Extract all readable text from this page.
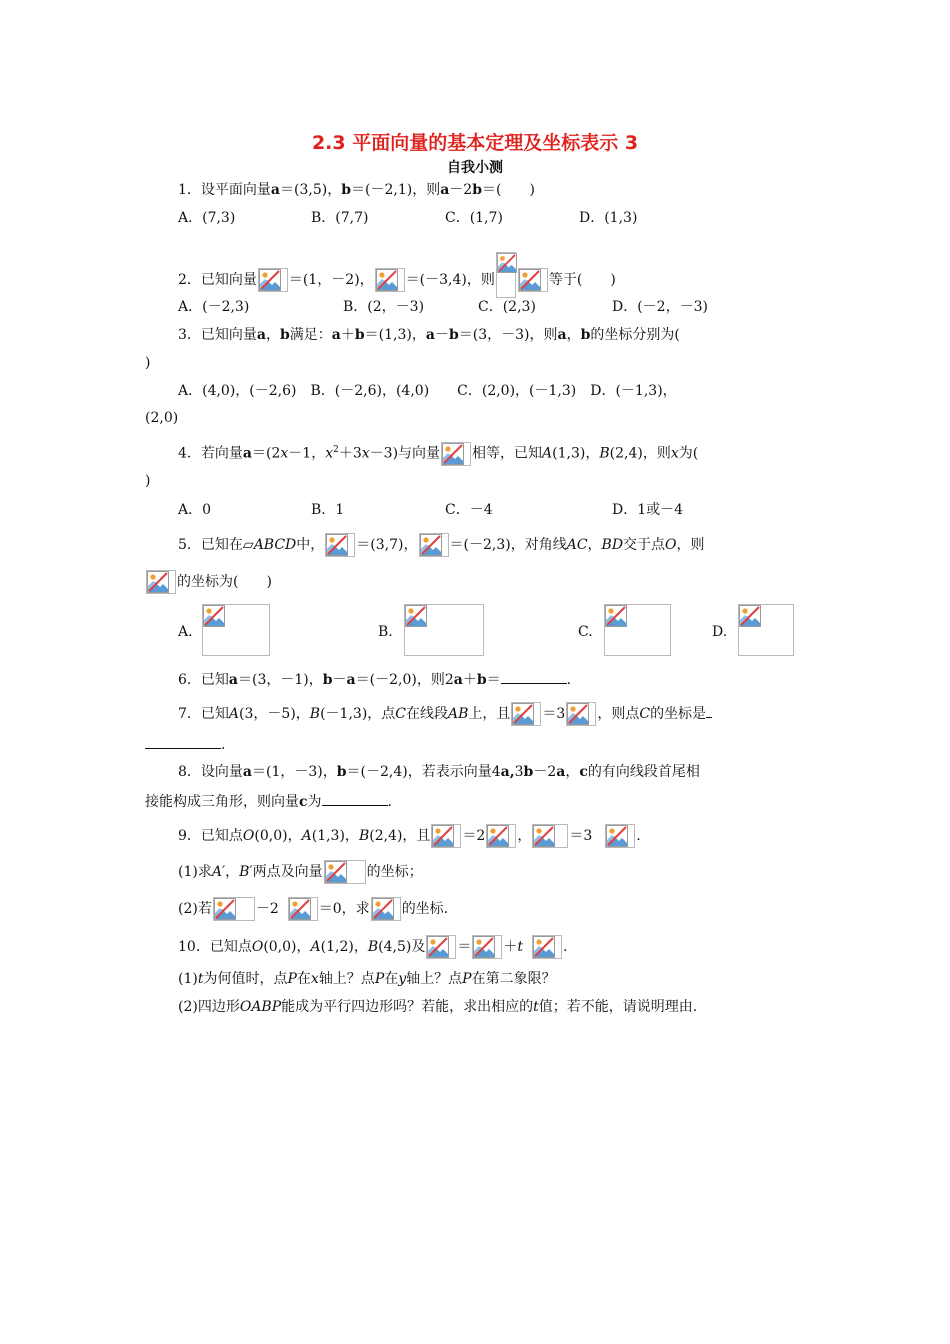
2.3 平面向量的基本定理及坐标表示 3
自我小测
1．设平面向量a＝(3,5)，b＝(－2,1)，则a－2b＝(　　)
A．(7,3)	B．(7,7)	C．(1,7)	D．(1,3)
2．已知向量 ＝(1，－2)， ＝(－3,4)，则	等于(　　)
A．(－2,3)	B．(2，－3)	C．(2,3)	D．(－2，－3)
3．已知向量a，b满足：a＋b＝(1,3)，a－b＝(3，－3)，则a，b的坐标分别为(
)
A．(4,0)，(－2,6)　B．(－2,6)，(4,0)　　C．(2,0)，(－1,3)　D．(－1,3)，
(2,0)
4．若向量a＝(2x－1，$x^2+3x-3$)与向量 相等，已知A(1,3)，B(2,4)，则x为(
)
A．0	B．1	C．－4	D．1或－4
5．已知在▱ABCD中， ＝(3,7)， ＝(－2,3)，对角线AC，BD交于点O，则
的坐标为(　　)
A.	B.	C.	D.
6．已知a＝(3，－1)，b－a＝(－2,0)，则2a＋b＝	.
7．已知A(3，－5)，B(－1,3)，点C在线段AB上，且 ＝3 ，则点C的坐标是
.
8．设向量a＝(1，－3)，b＝(－2,4)，若表示向量4a,3b－2a，c的有向线段首尾相
接能构成三角形，则向量c为	.
9．已知点O(0,0)，A(1,3)，B(2,4)，且 ＝2 ，	＝3	.
(1)求A′，B′两点及向量	的坐标；
(2)若	－2	＝0，求 的坐标.
10．已知点O(0,0)，A(1,2)，B(4,5)及 ＝ ＋t	.
(1)t为何值时，点P在x轴上？点P在y轴上？点P在第二象限？
(2)四边形OABP能成为平行四边形吗？若能，求出相应的t值；若不能，请说明理由.
